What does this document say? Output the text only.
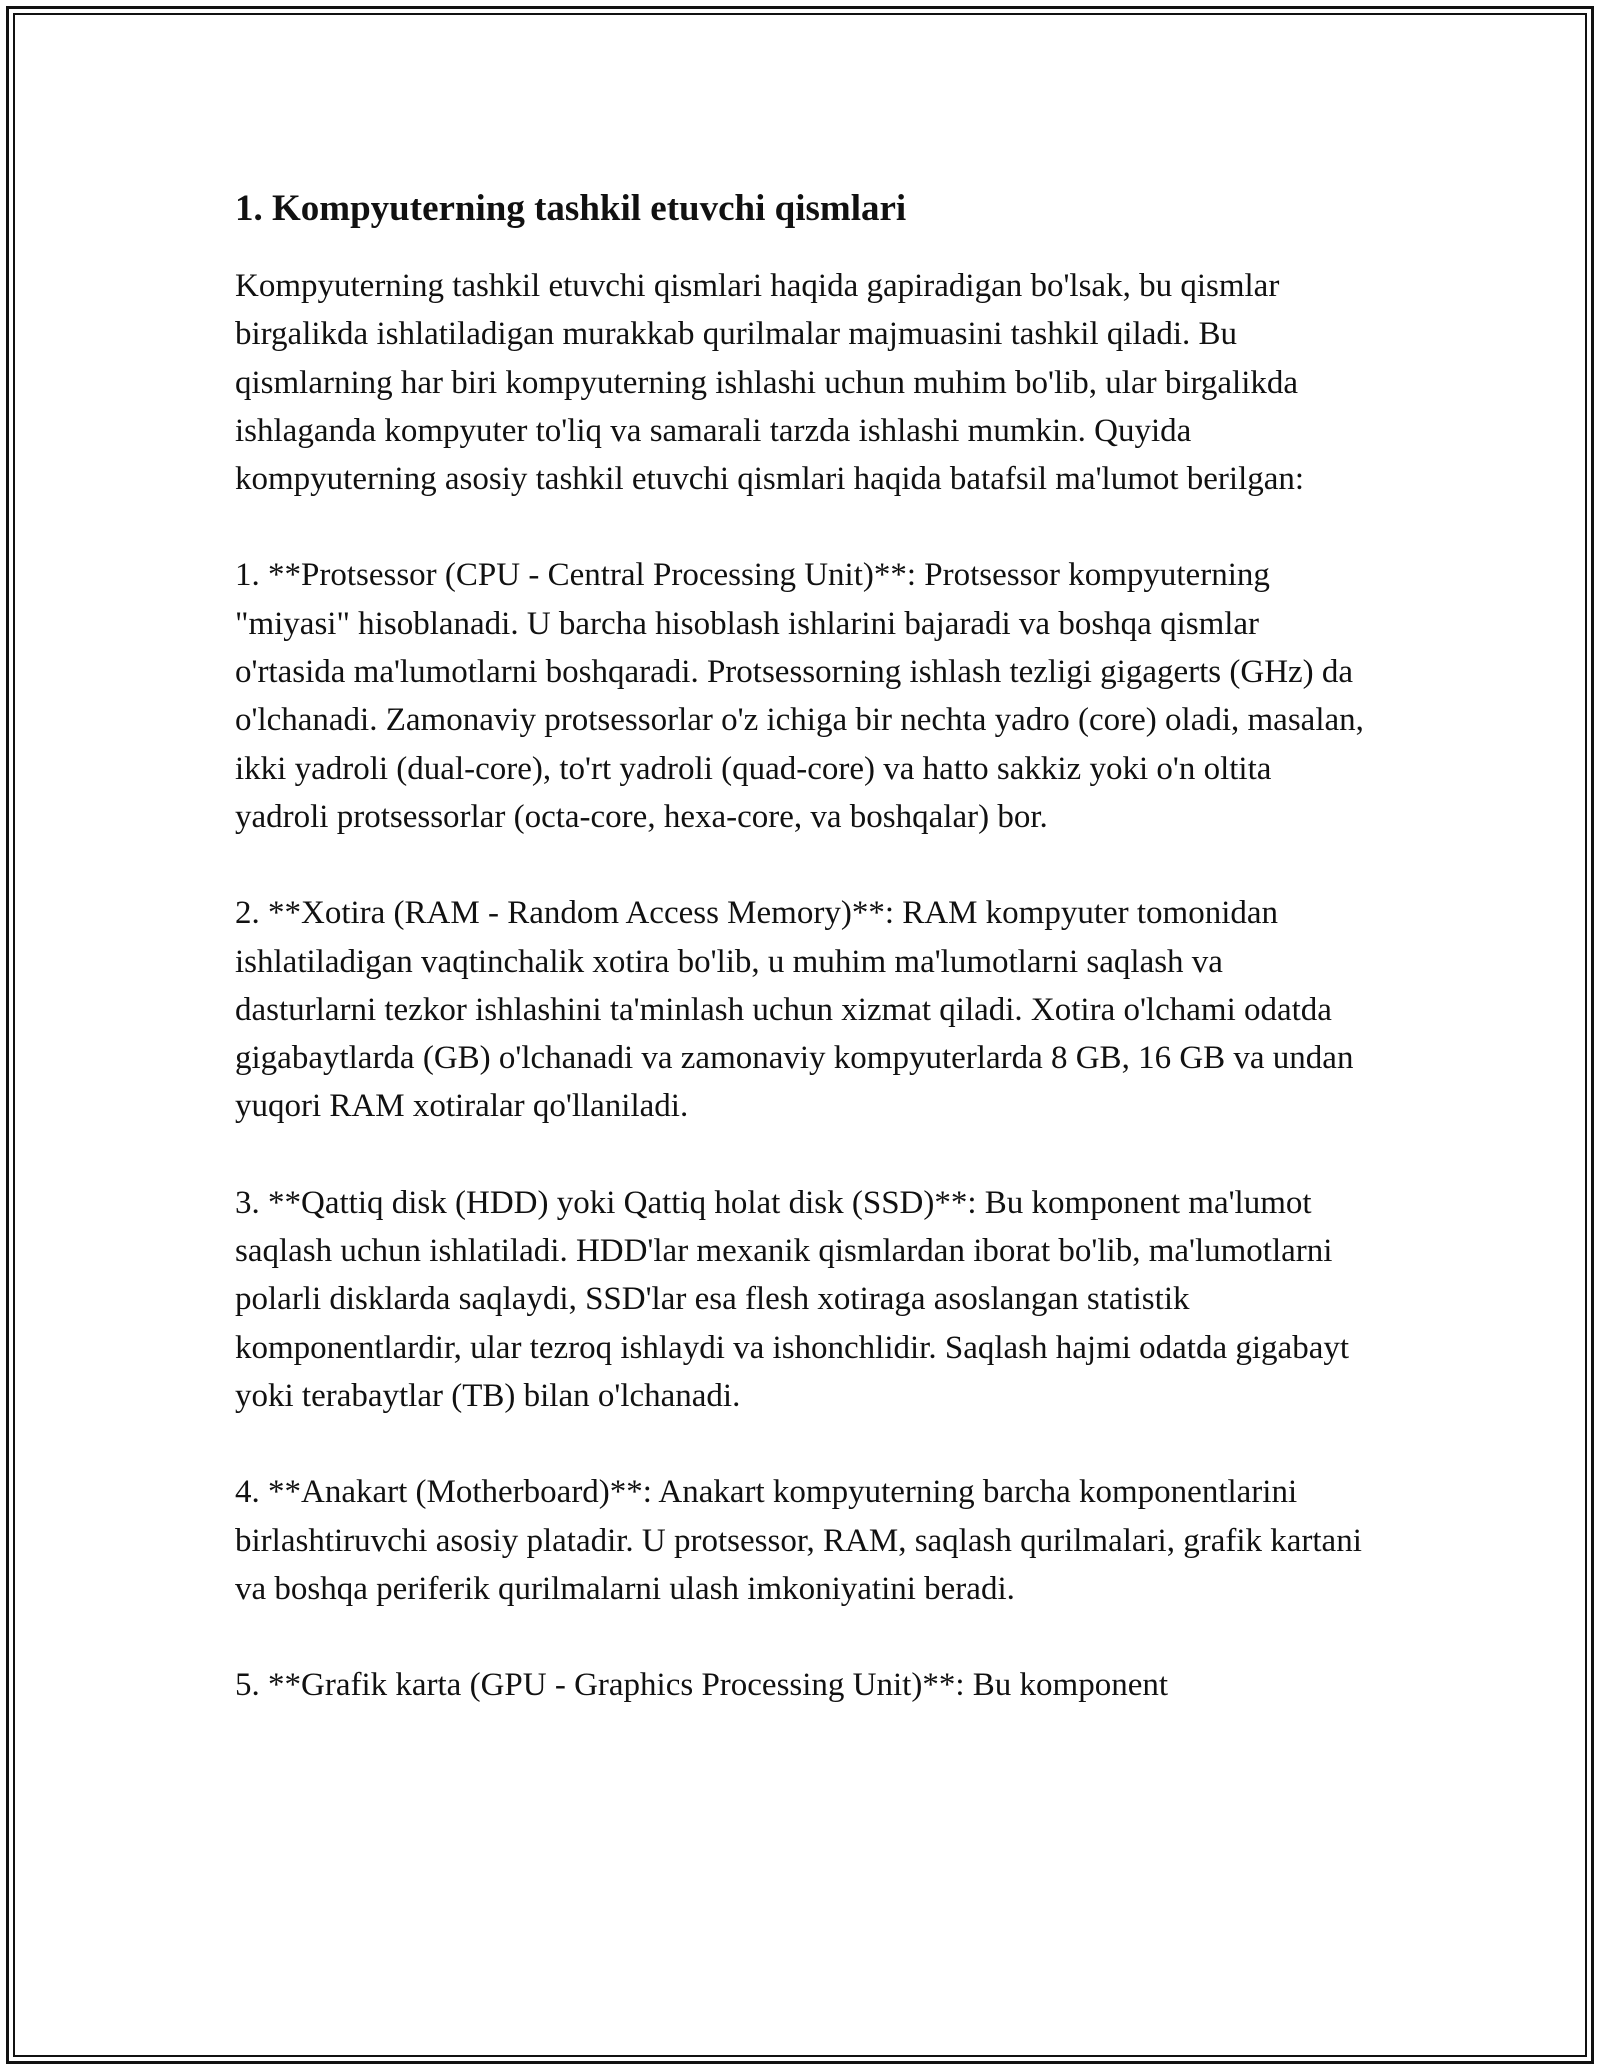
1. Kompyuterning tashkil etuvchi qismlari

Kompyuterning tashkil etuvchi qismlari haqida gapiradigan bo'lsak, bu qismlar birgalikda ishlatiladigan murakkab qurilmalar majmuasini tashkil qiladi. Bu qismlarning har biri kompyuterning ishlashi uchun muhim bo'lib, ular birgalikda ishlaganda kompyuter to'liq va samarali tarzda ishlashi mumkin. Quyida kompyuterning asosiy tashkil etuvchi qismlari haqida batafsil ma'lumot berilgan:

1. **Protsessor (CPU - Central Processing Unit)**: Protsessor kompyuterning "miyasi" hisoblanadi. U barcha hisoblash ishlarini bajaradi va boshqa qismlar o'rtasida ma'lumotlarni boshqaradi. Protsessorning ishlash tezligi gigagerts (GHz) da o'lchanadi. Zamonaviy protsessorlar o'z ichiga bir nechta yadro (core) oladi, masalan, ikki yadroli (dual-core), to'rt yadroli (quad-core) va hatto sakkiz yoki o'n oltita yadroli protsessorlar (octa-core, hexa-core, va boshqalar) bor.

2. **Xotira (RAM - Random Access Memory)**: RAM kompyuter tomonidan ishlatiladigan vaqtinchalik xotira bo'lib, u muhim ma'lumotlarni saqlash va dasturlarni tezkor ishlashini ta'minlash uchun xizmat qiladi. Xotira o'lchami odatda gigabaytlarda (GB) o'lchanadi va zamonaviy kompyuterlarda 8 GB, 16 GB va undan yuqori RAM xotiralar qo'llaniladi.

3. **Qattiq disk (HDD) yoki Qattiq holat disk (SSD)**: Bu komponent ma'lumot saqlash uchun ishlatiladi. HDD'lar mexanik qismlardan iborat bo'lib, ma'lumotlarni polarli disklarda saqlaydi, SSD'lar esa flesh xotiraga asoslangan statistik komponentlardir, ular tezroq ishlaydi va ishonchlidir. Saqlash hajmi odatda gigabayt yoki terabaytlar (TB) bilan o'lchanadi.

4. **Anakart (Motherboard)**: Anakart kompyuterning barcha komponentlarini birlashtiruvchi asosiy platadir. U protsessor, RAM, saqlash qurilmalari, grafik kartani va boshqa periferik qurilmalarni ulash imkoniyatini beradi.

5. **Grafik karta (GPU - Graphics Processing Unit)**: Bu komponent
